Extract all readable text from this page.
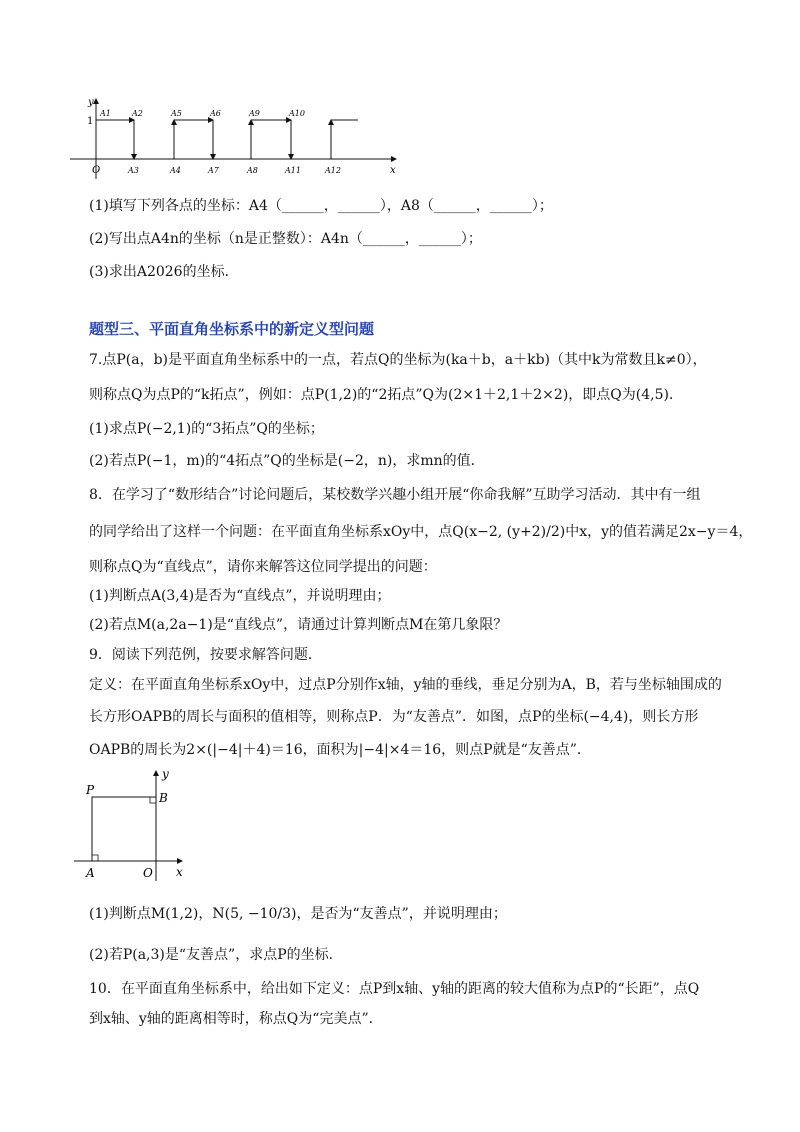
y
x
O
1
A1	A2	A5	A6	A9	A10
A3	A4	A7	A8	A11	A12
(1)填写下列各点的坐标：A4（______，______），A8（______，______）；
(2)写出点A4n的坐标（n是正整数）：A4n（______，______）；
(3)求出A2026的坐标．
题型三、平面直角坐标系中的新定义型问题
7.点P(a，b)是平面直角坐标系中的一点，若点Q的坐标为(ka＋b，a＋kb)（其中k为常数且k≠0），
则称点Q为点P的“k拓点”，例如：点P(1,2)的“2拓点”Q为(2×1＋2,1＋2×2)，即点Q为(4,5)．
(1)求点P(−2,1)的“3拓点”Q的坐标；
(2)若点P(−1，m)的“4拓点”Q的坐标是(−2，n)，求mn的值．
8．在学习了“数形结合”讨论问题后，某校数学兴趣小组开展“你命我解”互助学习活动．其中有一组
的同学给出了这样一个问题：在平面直角坐标系xOy中，点Q(x−2, (y+2)/2)中x，y的值若满足2x−y＝4，
则称点Q为“直线点”，请你来解答这位同学提出的问题：
(1)判断点A(3,4)是否为“直线点”，并说明理由；
(2)若点M(a,2a−1)是“直线点”，请通过计算判断点M在第几象限？
9．阅读下列范例，按要求解答问题．
定义：在平面直角坐标系xOy中，过点P分别作x轴，y轴的垂线，垂足分别为A，B，若与坐标轴围成的
长方形OAPB的周长与面积的值相等，则称点P．为“友善点”．如图，点P的坐标(−4,4)，则长方形
OAPB的周长为2×(|−4|＋4)＝16，面积为|−4|×4＝16，则点P就是“友善点”．
y
x
P
B
A	O
(1)判断点M(1,2)，N(5, −10/3)，是否为“友善点”，并说明理由；
(2)若P(a,3)是“友善点”，求点P的坐标．
10．在平面直角坐标系中，给出如下定义：点P到x轴、y轴的距离的较大值称为点P的“长距”，点Q
到x轴、y轴的距离相等时，称点Q为“完美点”．
